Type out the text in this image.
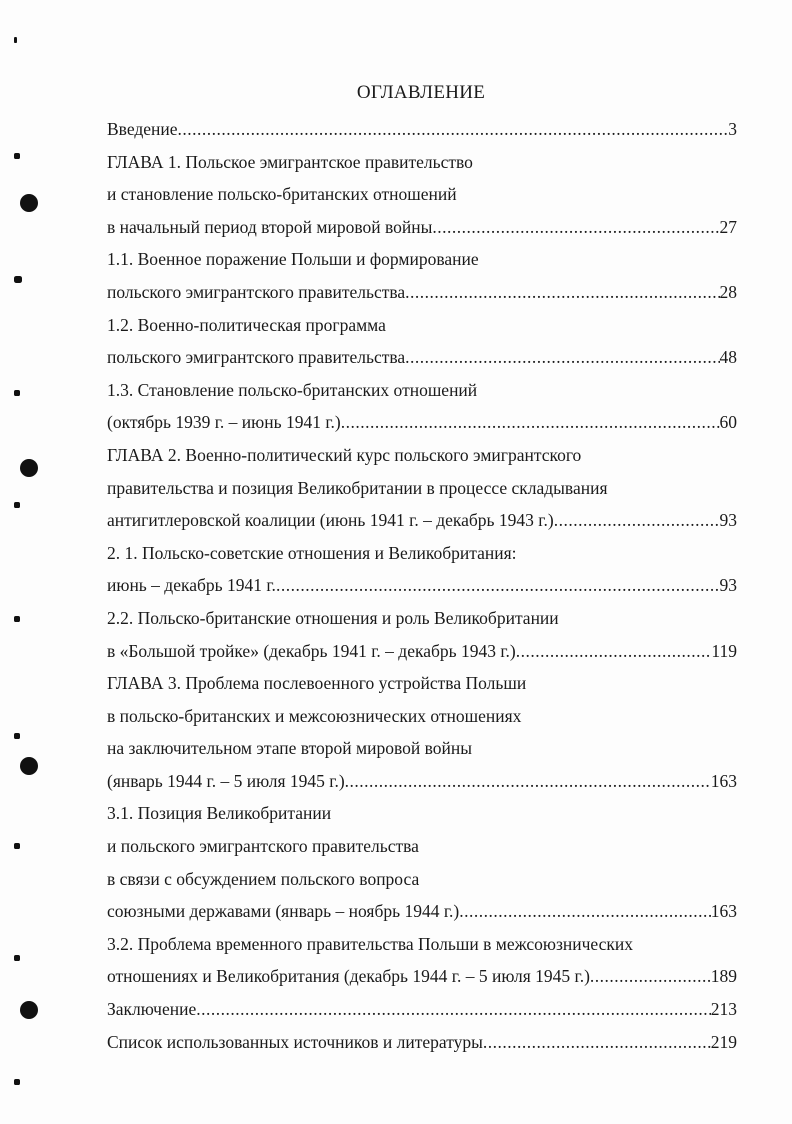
ОГЛАВЛЕНИЕ
Введение .....	3
ГЛАВА 1. Польское эмигрантское правительство
и становление польско-британских отношений
в начальный период второй мировой войны .....	27
1.1. Военное поражение Польши и формирование
польского эмигрантского правительства .....	28
1.2. Военно-политическая программа
польского эмигрантского правительства .....	48
1.3. Становление польско-британских отношений
(октябрь 1939 г. – июнь 1941 г.) .....	60
ГЛАВА 2. Военно-политический курс польского эмигрантского
правительства и позиция Великобритании в процессе складывания
антигитлеровской коалиции (июнь 1941 г. – декабрь 1943 г.) .....	93
2. 1. Польско-советские отношения и Великобритания:
июнь – декабрь 1941 г. .....	93
2.2. Польско-британские отношения и роль Великобритании
в «Большой тройке» (декабрь 1941 г. – декабрь 1943 г.) .....	119
ГЛАВА 3. Проблема послевоенного устройства Польши
в польско-британских и межсоюзнических отношениях
на заключительном этапе второй мировой войны
(январь 1944 г. – 5 июля 1945 г.) .....	163
3.1. Позиция Великобритании
и польского эмигрантского правительства
в связи с обсуждением польского вопроса
союзными державами (январь – ноябрь 1944 г.) .....	163
3.2. Проблема временного правительства Польши в межсоюзнических
отношениях и Великобритания (декабрь 1944 г. – 5 июля 1945 г.) .....	189
Заключение .....	213
Список использованных источников и литературы .....	219
